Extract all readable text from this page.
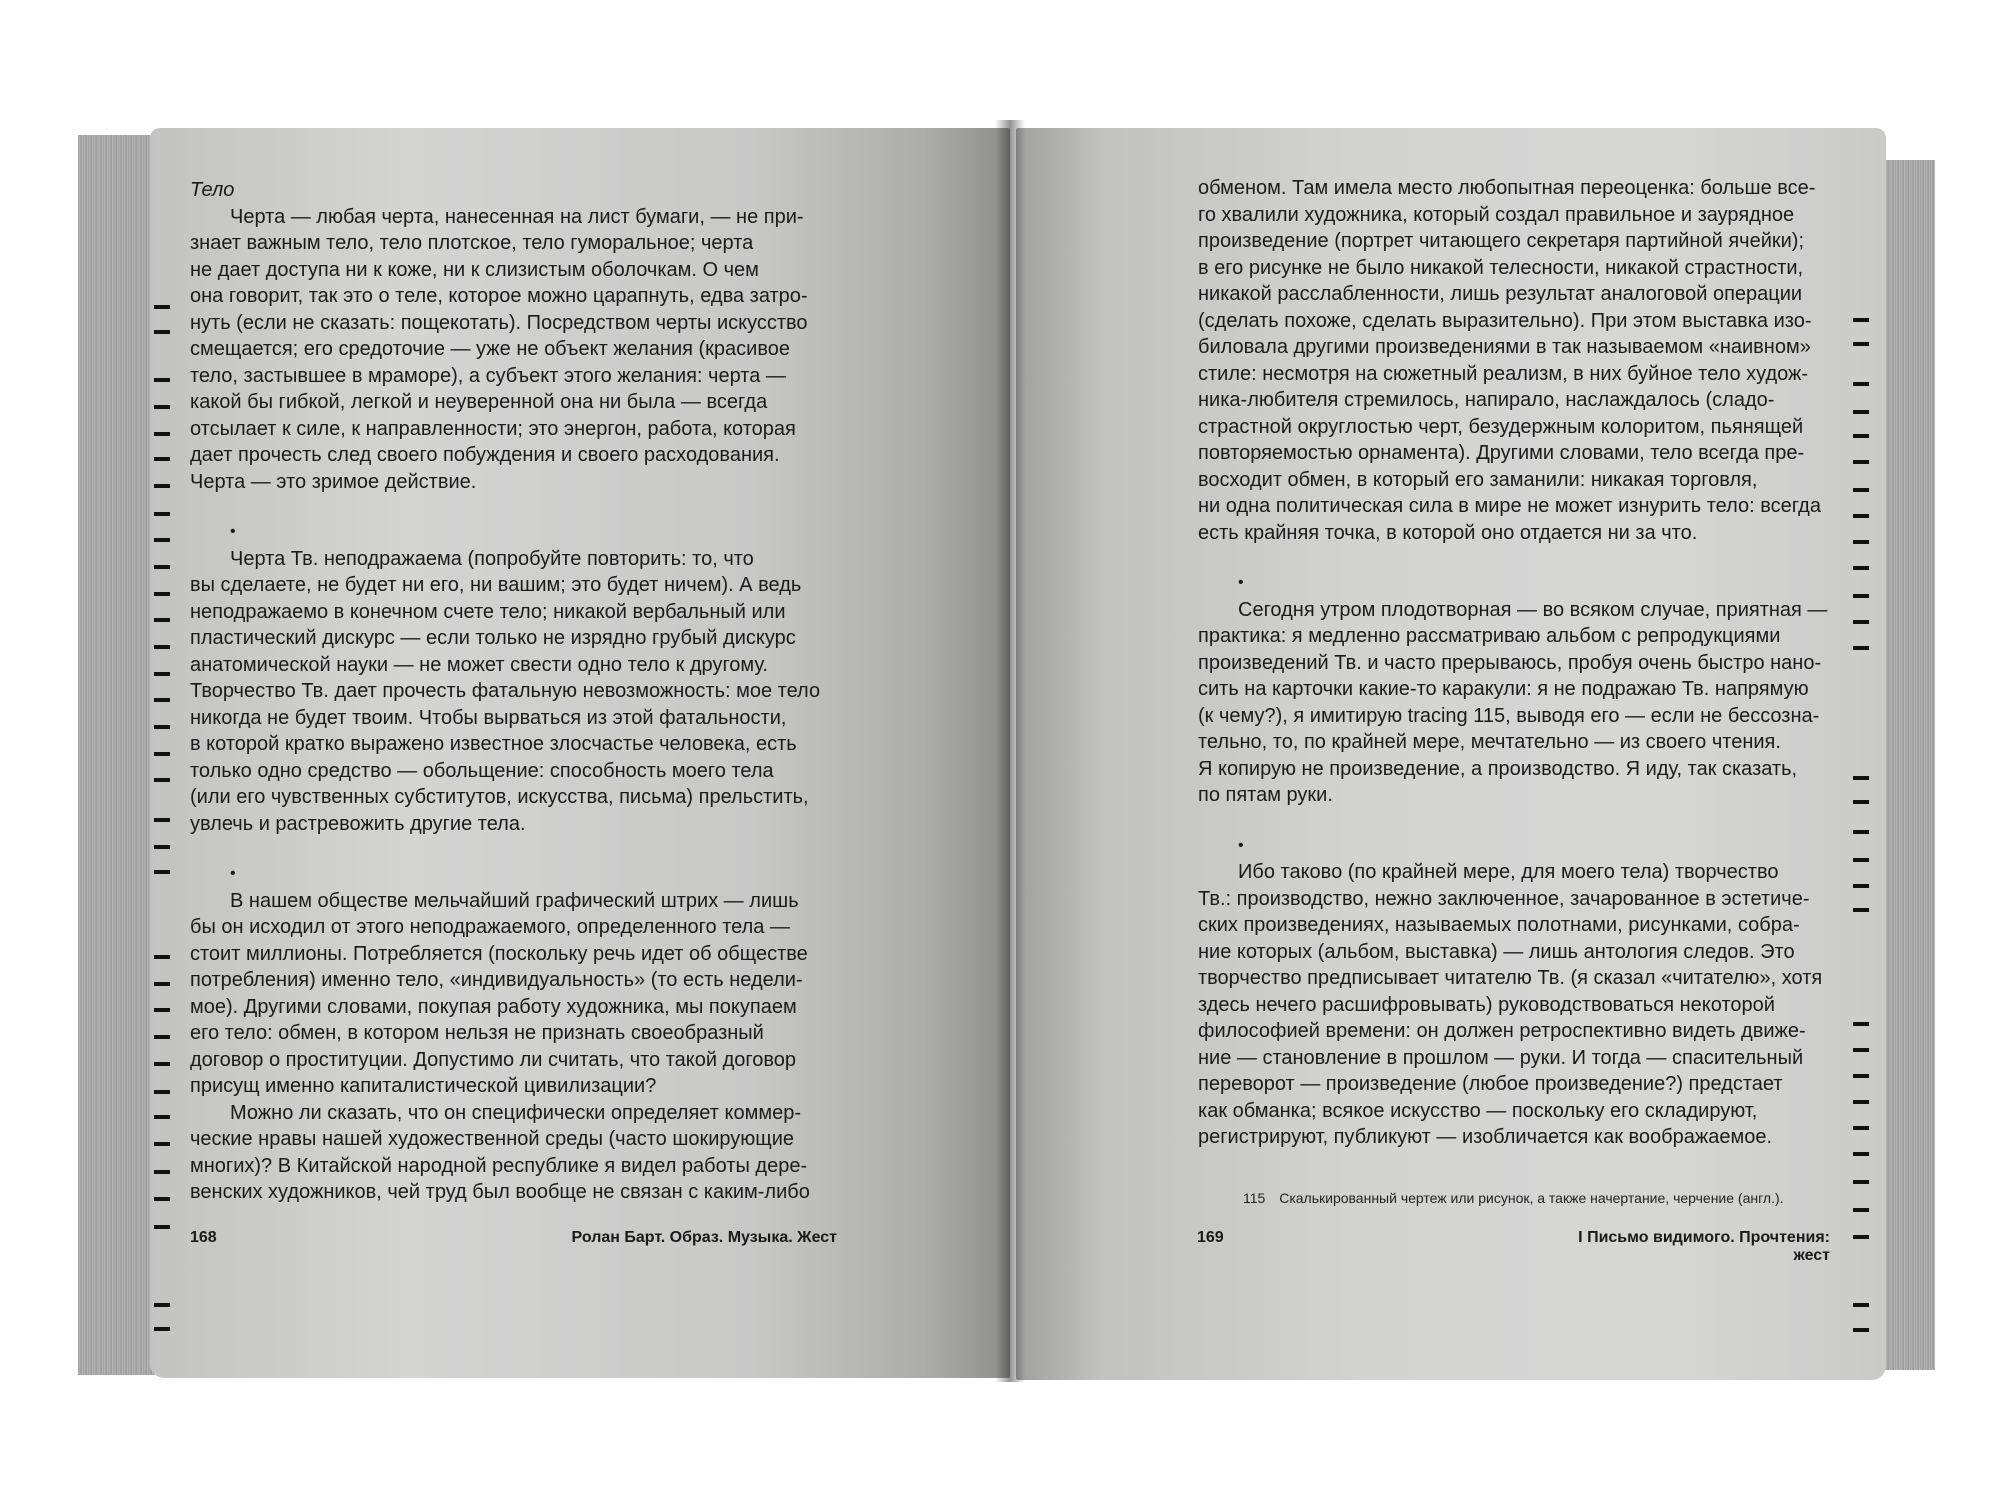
Тело

Черта — любая черта, нанесенная на лист бумаги, — не при-

знает важным тело, тело плотское, тело гуморальное; черта

не дает доступа ни к коже, ни к слизистым оболочкам. О чем

она говорит, так это о теле, которое можно царапнуть, едва затро-

нуть (если не сказать: пощекотать). Посредством черты искусство

смещается; его средоточие — уже не объект желания (красивое

тело, застывшее в мраморе), а субъект этого желания: черта —

какой бы гибкой, легкой и неуверенной она ни была — всегда

отсылает к силе, к направленности; это энергон, работа, которая

дает прочесть след своего побуждения и своего расходования.

Черта — это зримое действие.

•

Черта Тв. неподражаема (попробуйте повторить: то, что

вы сделаете, не будет ни его, ни вашим; это будет ничем). А ведь

неподражаемо в конечном счете тело; никакой вербальный или

пластический дискурс — если только не изрядно грубый дискурс

анатомической науки — не может свести одно тело к другому.

Творчество Тв. дает прочесть фатальную невозможность: мое тело

никогда не будет твоим. Чтобы вырваться из этой фатальности,

в которой кратко выражено известное злосчастье человека, есть

только одно средство — обольщение: способность моего тела

(или его чувственных субститутов, искусства, письма) прельстить,

увлечь и растревожить другие тела.

•

В нашем обществе мельчайший графический штрих — лишь

бы он исходил от этого неподражаемого, определенного тела —

стоит миллионы. Потребляется (поскольку речь идет об обществе

потребления) именно тело, «индивидуальность» (то есть недели-

мое). Другими словами, покупая работу художника, мы покупаем

его тело: обмен, в котором нельзя не признать своеобразный

договор о проституции. Допустимо ли считать, что такой договор

присущ именно капиталистической цивилизации?

Можно ли сказать, что он специфически определяет коммер-

ческие нравы нашей художественной среды (часто шокирующие

многих)? В Китайской народной республике я видел работы дере-

венских художников, чей труд был вообще не связан с каким-либо

168	Ролан Барт. Образ. Музыка. Жест

обменом. Там имела место любопытная переоценка: больше все-

го хвалили художника, который создал правильное и заурядное

произведение (портрет читающего секретаря партийной ячейки);

в его рисунке не было никакой телесности, никакой страстности,

никакой расслабленности, лишь результат аналоговой операции

(сделать похоже, сделать выразительно). При этом выставка изо-

биловала другими произведениями в так называемом «наивном»

стиле: несмотря на сюжетный реализм, в них буйное тело худож-

ника-любителя стремилось, напирало, наслаждалось (сладо-

страстной округлостью черт, безудержным колоритом, пьянящей

повторяемостью орнамента). Другими словами, тело всегда пре-

восходит обмен, в который его заманили: никакая торговля,

ни одна политическая сила в мире не может изнурить тело: всегда

есть крайняя точка, в которой оно отдается ни за что.

•

Сегодня утром плодотворная — во всяком случае, приятная —

практика: я медленно рассматриваю альбом с репродукциями

произведений Тв. и часто прерываюсь, пробуя очень быстро нано-

сить на карточки какие-то каракули: я не подражаю Тв. напрямую

(к чему?), я имитирую tracing 115, выводя его — если не бессозна-

тельно, то, по крайней мере, мечтательно — из своего чтения.

Я копирую не произведение, а производство. Я иду, так сказать,

по пятам руки.

•

Ибо таково (по крайней мере, для моего тела) творчество

Тв.: производство, нежно заключенное, зачарованное в эстетиче-

ских произведениях, называемых полотнами, рисунками, собра-

ние которых (альбом, выставка) — лишь антология следов. Это

творчество предписывает читателю Тв. (я сказал «читателю», хотя

здесь нечего расшифровывать) руководствоваться некоторой

философией времени: он должен ретроспективно видеть движе-

ние — становление в прошлом — руки. И тогда — спасительный

переворот — произведение (любое произведение?) предстает

как обманка; всякое искусство — поскольку его складируют,

регистрируют, публикуют — изобличается как воображаемое.

115 Скалькированный чертеж или рисунок, а также начертание, черчение (англ.).
169	I Письмо видимого. Прочтения: жест
